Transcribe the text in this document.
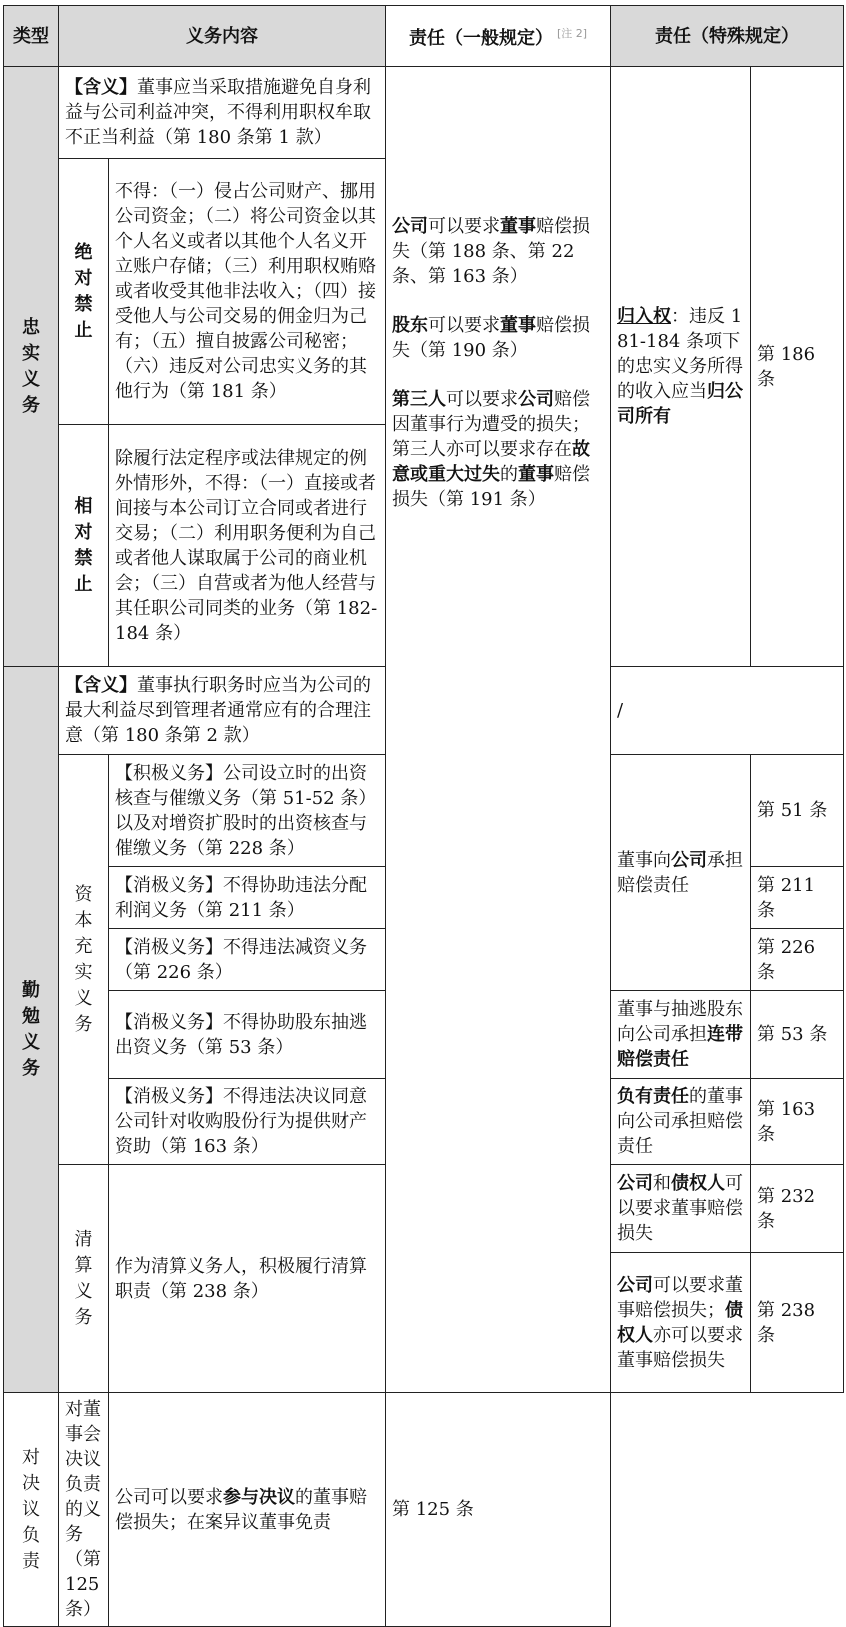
类型	义务内容		责任（一般规定） [注 2]	责任（特殊规定）	

忠实义务	【含义】董事应当采取措施避免自身利益与公司利益冲突，不得利用职权牟取不正当利益（第 180 条第 1 款）		公司可以要求董事赔偿损失（第 188 条、第 22 条、第 163 条）
股东可以要求董事赔偿损失（第 190 条）
第三人可以要求公司赔偿因董事行为遭受的损失；第三人亦可以要求存在故意或重大过失的董事赔偿损失（第 191 条）	归入权：违反 181-184 条项下的忠实义务所得的收入应当归公司所有	第 186 条

	绝对禁止	不得：（一）侵占公司财产、挪用公司资金；（二）将公司资金以其个人名义或者以其他个人名义开立账户存储；（三）利用职权贿赂或者收受其他非法收入；（四）接受他人与公司交易的佣金归为己有；（五）擅自披露公司秘密；（六）违反对公司忠实义务的其他行为（第 181 条）			

	相对禁止	除履行法定程序或法律规定的例外情形外，不得：（一）直接或者间接与本公司订立合同或者进行交易；（二）利用职务便利为自己或者他人谋取属于公司的商业机会；（三）自营或者为他人经营与其任职公司同类的业务（第 182-184 条）			

勤勉义务	【含义】董事执行职务时应当为公司的最大利益尽到管理者通常应有的合理注意（第 180 条第 2 款）			/	

	资本充实义务	【积极义务】公司设立时的出资核查与催缴义务（第 51-52 条）以及对增资扩股时的出资核查与催缴义务（第 228 条）		董事向公司承担赔偿责任	第 51 条
		【消极义务】不得协助违法分配利润义务（第 211 条）			第 211 条
		【消极义务】不得违法减资义务（第 226 条）			第 226 条
		【消极义务】不得协助股东抽逃出资义务（第 53 条）		董事与抽逃股东向公司承担连带赔偿责任	第 53 条
		【消极义务】不得违法决议同意公司针对收购股份行为提供财产资助（第 163 条）		负有责任的董事向公司承担赔偿责任	第 163 条

	清算义务	作为清算义务人，积极履行清算职责（第 238 条）		公司和债权人可以要求董事赔偿损失	第 232 条
				公司可以要求董事赔偿损失；债权人亦可以要求董事赔偿损失	第 238 条

对决议负责	对董事会决议负责的义务（第 125 条）	公司可以要求参与决议的董事赔偿损失；在案异议董事免责	第 125 条		
